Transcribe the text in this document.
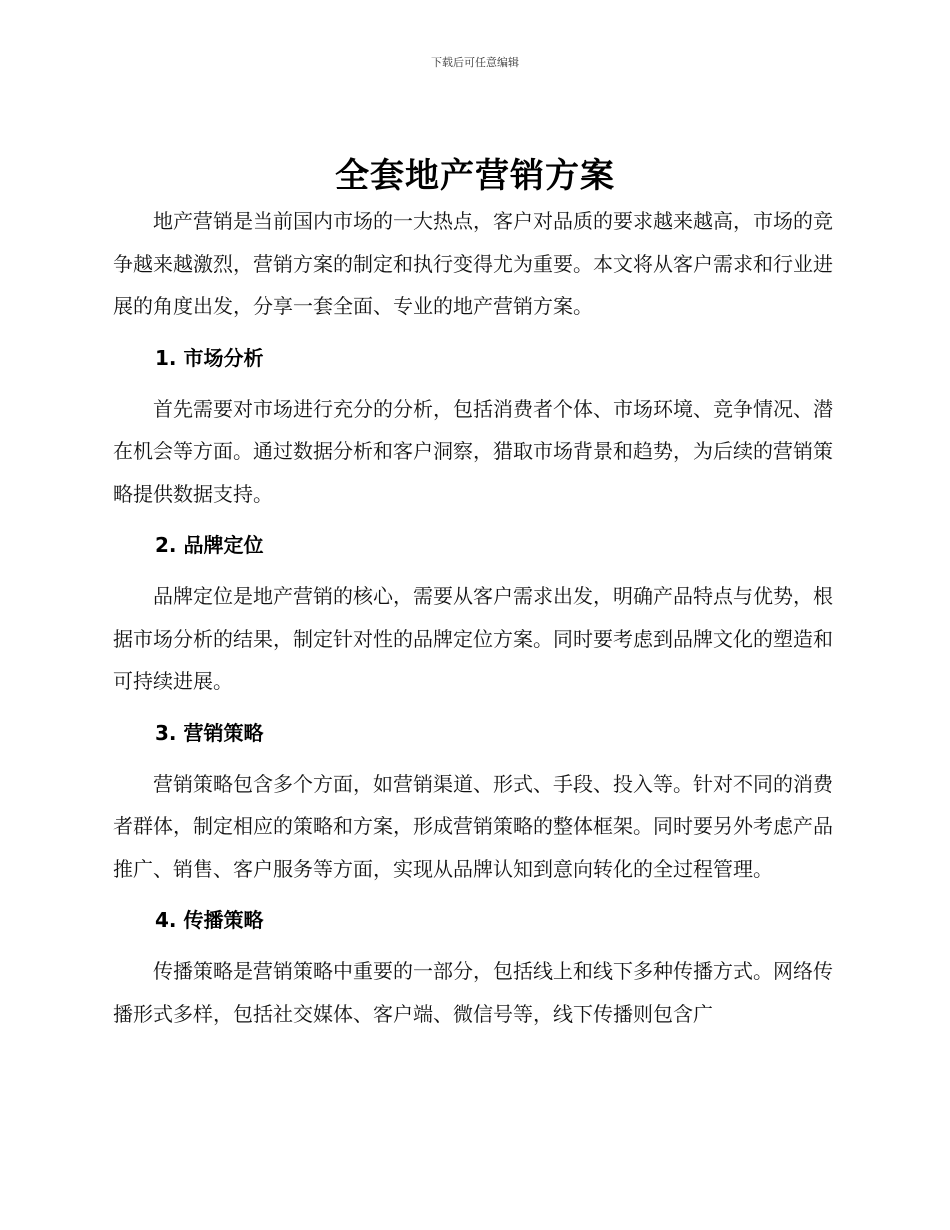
下载后可任意编辑
全套地产营销方案

地产营销是当前国内市场的一大热点，客户对品质的要求越来越高，市场的竞争越来越激烈，营销方案的制定和执行变得尤为重要。本文将从客户需求和行业进展的角度出发，分享一套全面、专业的地产营销方案。

1. 市场分析

首先需要对市场进行充分的分析，包括消费者个体、市场环境、竞争情况、潜在机会等方面。通过数据分析和客户洞察，猎取市场背景和趋势，为后续的营销策略提供数据支持。

2. 品牌定位

品牌定位是地产营销的核心，需要从客户需求出发，明确产品特点与优势，根据市场分析的结果，制定针对性的品牌定位方案。同时要考虑到品牌文化的塑造和可持续进展。

3. 营销策略

营销策略包含多个方面，如营销渠道、形式、手段、投入等。针对不同的消费者群体，制定相应的策略和方案，形成营销策略的整体框架。同时要另外考虑产品推广、销售、客户服务等方面，实现从品牌认知到意向转化的全过程管理。

4. 传播策略

传播策略是营销策略中重要的一部分，包括线上和线下多种传播方式。网络传播形式多样，包括社交媒体、客户端、微信号等，线下传播则包含广
